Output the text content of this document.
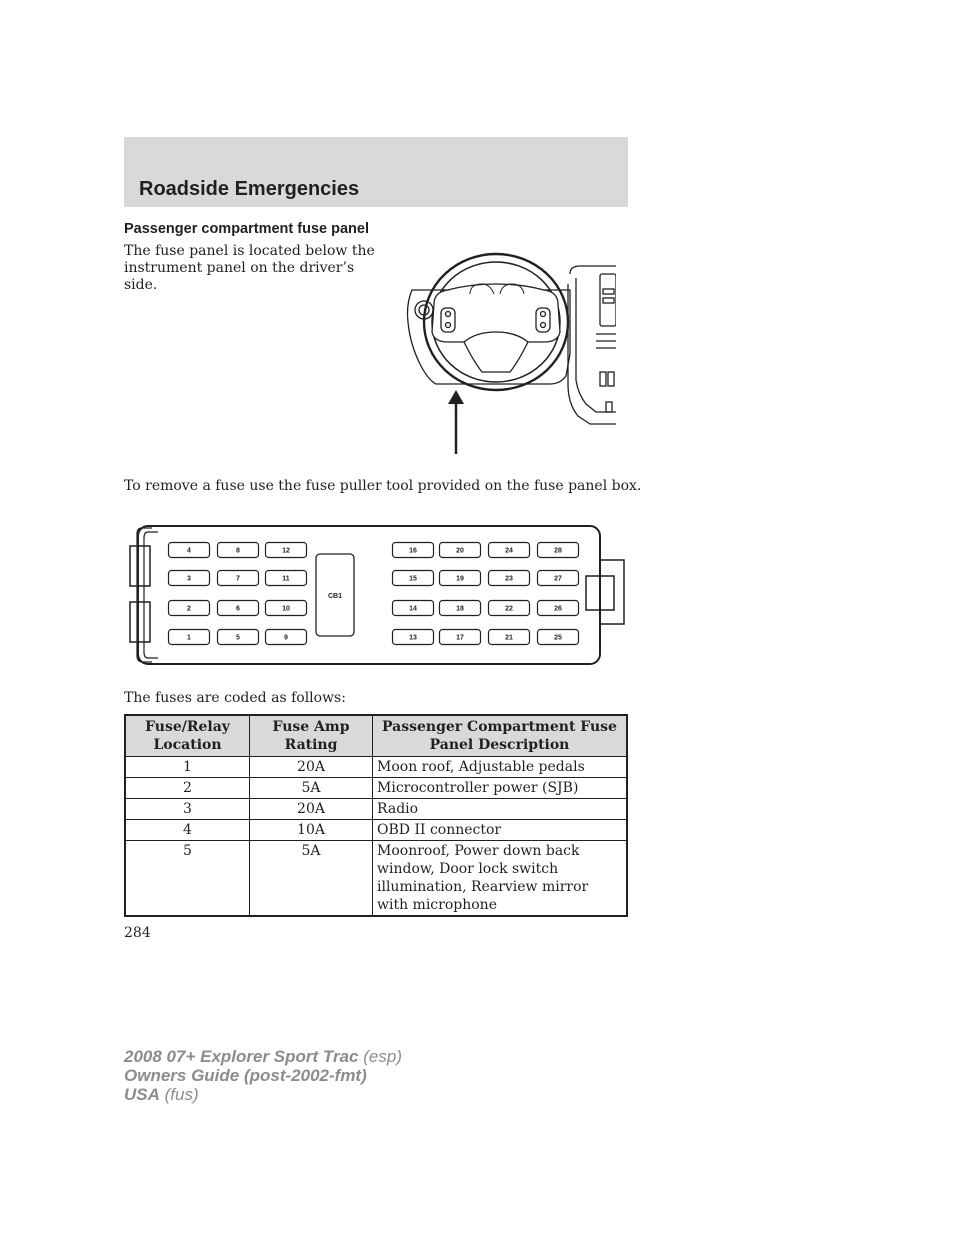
Roadside Emergencies
Passenger compartment fuse panel

The fuse panel is located below the instrument panel on the driver’s side.

To remove a fuse use the fuse puller tool provided on the fuse panel box.

CB1
4
3
2
1
8
7
6
5
12
11
10
9
16
15
14
13
20
19
18
17
24
23
22
21
28
27
26
25

The fuses are coded as follows:

Fuse/Relay Location	Fuse Amp Rating	Passenger Compartment Fuse Panel Description
1	20A	Moon roof, Adjustable pedals
2	5A	Microcontroller power (SJB)
3	20A	Radio
4	10A	OBD II connector
5	5A	Moonroof, Power down back window, Door lock switch illumination, Rearview mirror with microphone

284

2008 07+ Explorer Sport Trac (esp)
Owners Guide (post-2002-fmt)
USA (fus)
